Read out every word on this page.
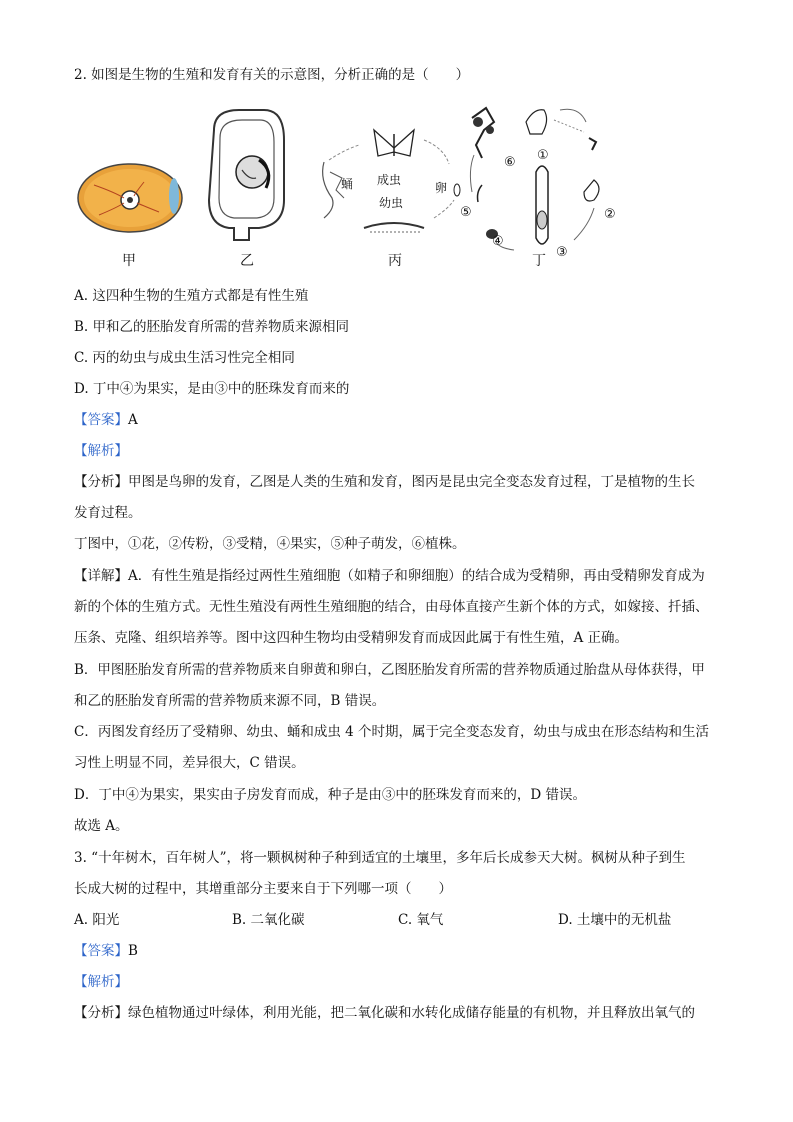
2. 如图是生物的生殖和发育有关的示意图，分析正确的是（　　）
蛹 成虫
卵
幼虫
①
②
③
④
⑤
⑥
甲	乙	丙	丁
A. 这四种生物的生殖方式都是有性生殖
B. 甲和乙的胚胎发育所需的营养物质来源相同
C. 丙的幼虫与成虫生活习性完全相同
D. 丁中④为果实，是由③中的胚珠发育而来的
【答案】A
【解析】
【分析】甲图是鸟卵的发育，乙图是人类的生殖和发育，图丙是昆虫完全变态发育过程，丁是植物的生长
发育过程。
丁图中，①花，②传粉，③受精，④果实，⑤种子萌发，⑥植株。
【详解】A．有性生殖是指经过两性生殖细胞（如精子和卵细胞）的结合成为受精卵，再由受精卵发育成为
新的个体的生殖方式。无性生殖没有两性生殖细胞的结合，由母体直接产生新个体的方式，如嫁接、扦插、
压条、克隆、组织培养等。图中这四种生物均由受精卵发育而成因此属于有性生殖，A 正确。
B．甲图胚胎发育所需的营养物质来自卵黄和卵白，乙图胚胎发育所需的营养物质通过胎盘从母体获得，甲
和乙的胚胎发育所需的营养物质来源不同，B 错误。
C．丙图发育经历了受精卵、幼虫、蛹和成虫 4 个时期，属于完全变态发育，幼虫与成虫在形态结构和生活
习性上明显不同，差异很大，C 错误。
D．丁中④为果实，果实由子房发育而成，种子是由③中的胚珠发育而来的，D 错误。
故选 A。
3. “十年树木，百年树人”，将一颗枫树种子种到适宜的土壤里，多年后长成参天大树。枫树从种子到生
长成大树的过程中，其增重部分主要来自于下列哪一项（　　）
A. 阳光	B. 二氧化碳	C. 氧气	D. 土壤中的无机盐
【答案】B
【解析】
【分析】绿色植物通过叶绿体，利用光能，把二氧化碳和水转化成储存能量的有机物，并且释放出氧气的
